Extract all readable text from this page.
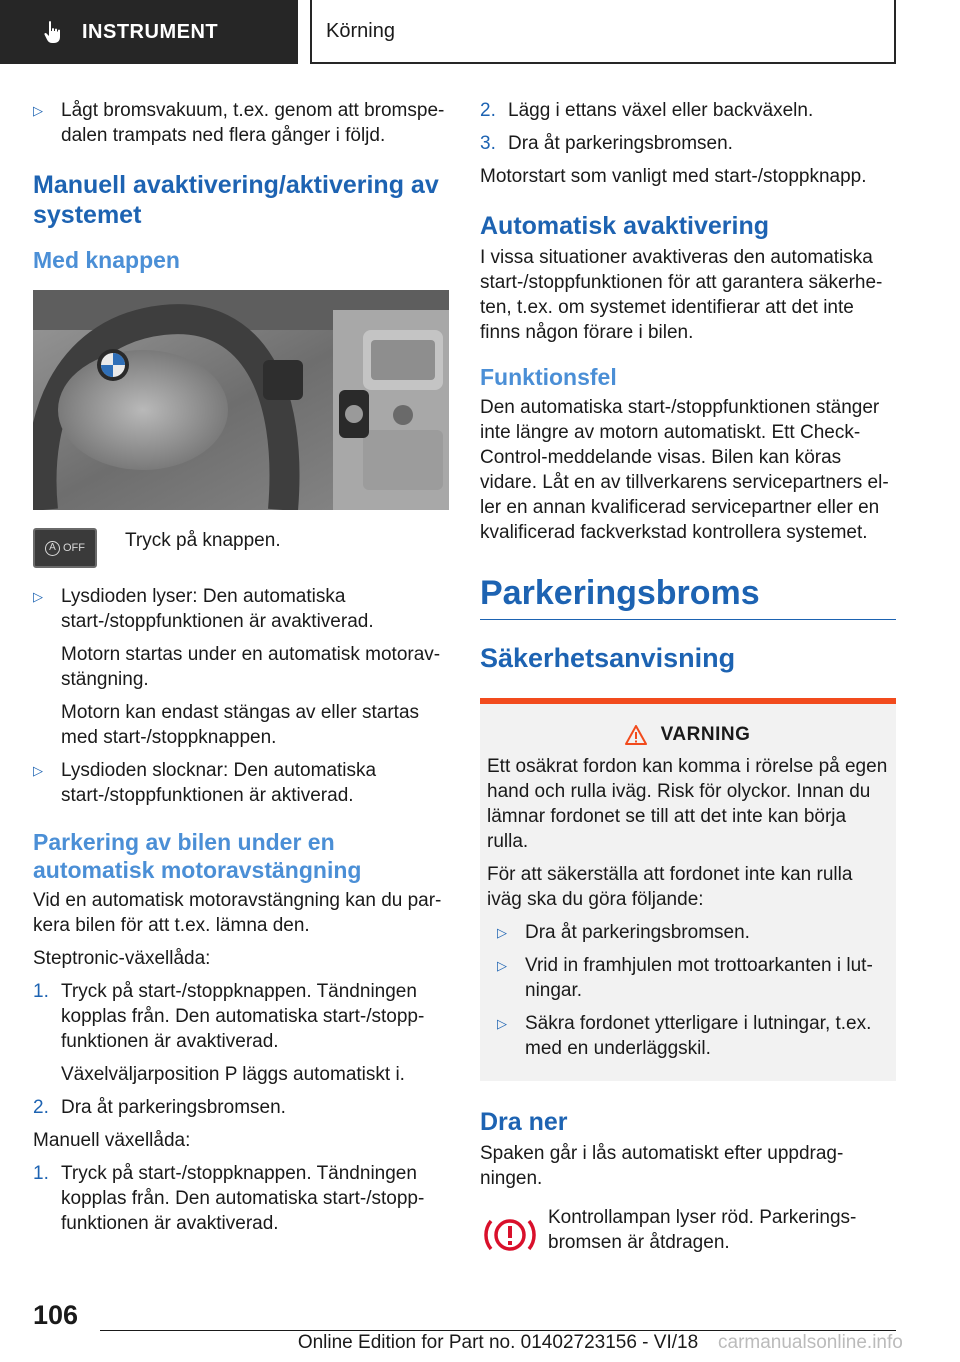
INSTRUMENT	Körning
▷ Lågt bromsvakuum, t.ex. genom att bromspe-dalen trampats ned flera gånger i följd.

Manuell avaktivering/aktivering av systemet
Med knappen
A OFF Tryck på knappen.

▷ Lysdioden lyser: Den automatiska start-/stoppfunktionen är avaktiverad.

Motorn startas under en automatisk motorav-stängning.

Motorn kan endast stängas av eller startas med start-/stoppknappen.

▷ Lysdioden slocknar: Den automatiska start-/stoppfunktionen är aktiverad.

Parkering av bilen under en automatisk motoravstängning

Vid en automatisk motoravstängning kan du par-kera bilen för att t.ex. lämna den.

Steptronic-växellåda:

1. Tryck på start-/stoppknappen. Tändningen kopplas från. Den automatiska start-/stopp-funktionen är avaktiverad.

Växelväljarposition P läggs automatiskt i.

2. Dra åt parkeringsbromsen.

Manuell växellåda:

1. Tryck på start-/stoppknappen. Tändningen kopplas från. Den automatiska start-/stopp-funktionen är avaktiverad.

2. Lägg i ettans växel eller backväxeln.

3. Dra åt parkeringsbromsen.

Motorstart som vanligt med start-/stoppknapp.

Automatisk avaktivering

I vissa situationer avaktiveras den automatiska start-/stoppfunktionen för att garantera säkerhe-ten, t.ex. om systemet identifierar att det inte finns någon förare i bilen.

Funktionsfel

Den automatiska start-/stoppfunktionen stänger inte längre av motorn automatiskt. Ett Check-Control-meddelande visas. Bilen kan köras vidare. Låt en av tillverkarens servicepartners el-ler en annan kvalificerad servicepartner eller en kvalificerad fackverkstad kontrollera systemet.

Parkeringsbroms
Säkerhetsanvisning
VARNING

Ett osäkrat fordon kan komma i rörelse på egen hand och rulla iväg. Risk för olyckor. Innan du lämnar fordonet se till att det inte kan börja rulla.

För att säkerställa att fordonet inte kan rulla iväg ska du göra följande:

▷ Dra åt parkeringsbromsen.

▷ Vrid in framhjulen mot trottoarkanten i lut-ningar.

▷ Säkra fordonet ytterligare i lutningar, t.ex. med en underläggskil.

Dra ner

Spaken går i lås automatiskt efter uppdrag-ningen.

Kontrollampan lyser röd. Parkerings-bromsen är åtdragen.

106
Online Edition for Part no. 01402723156 - VI/18	carmanualsonline.info
